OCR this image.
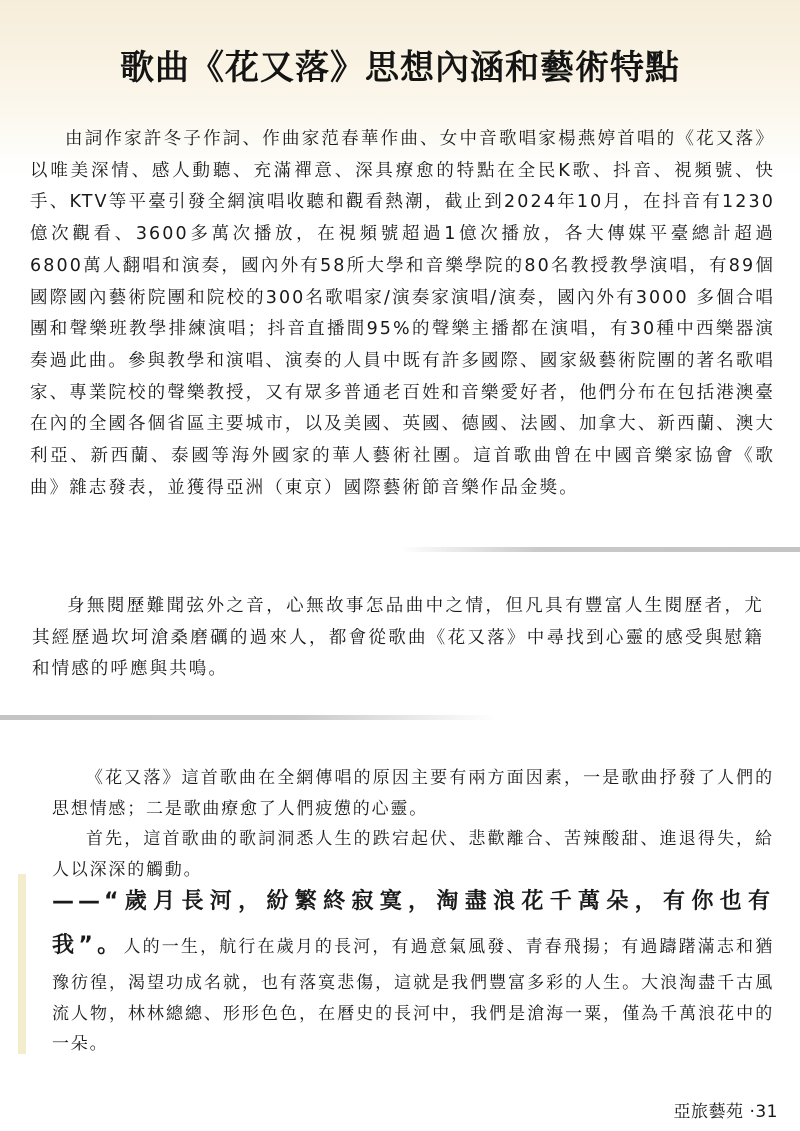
歌曲《花又落》思想內涵和藝術特點

由詞作家許冬子作詞、作曲家范春華作曲、女中音歌唱家楊燕婷首唱的《花又落》以唯美深情、感人動聽、充滿禪意、深具療愈的特點在全民K歌、抖音、視頻號、快手、KTV等平臺引發全網演唱收聽和觀看熱潮，截止到2024年10月，在抖音有1230億次觀看、3600多萬次播放，在視頻號超過1億次播放，各大傳媒平臺總計超過6800萬人翻唱和演奏，國內外有58所大學和音樂學院的80名教授教學演唱，有89個國際國內藝術院團和院校的300名歌唱家/演奏家演唱/演奏，國內外有3000 多個合唱團和聲樂班教學排練演唱；抖音直播間95%的聲樂主播都在演唱，有30種中西樂器演奏過此曲。參與教學和演唱、演奏的人員中既有許多國際、國家級藝術院團的著名歌唱家、專業院校的聲樂教授，又有眾多普通老百姓和音樂愛好者，他們分布在包括港澳臺在內的全國各個省區主要城市，以及美國、英國、德國、法國、加拿大、新西蘭、澳大利亞、新西蘭、泰國等海外國家的華人藝術社團。這首歌曲曾在中國音樂家協會《歌曲》雜志發表，並獲得亞洲（東京）國際藝術節音樂作品金獎。

身無閱歷難聞弦外之音，心無故事怎品曲中之情，但凡具有豐富人生閱歷者，尤其經歷過坎坷滄桑磨礪的過來人，都會從歌曲《花又落》中尋找到心靈的感受與慰籍和情感的呼應與共鳴。

《花又落》這首歌曲在全網傳唱的原因主要有兩方面因素，一是歌曲抒發了人們的思想情感；二是歌曲療愈了人們疲憊的心靈。

首先，這首歌曲的歌詞洞悉人生的跌宕起伏、悲歡離合、苦辣酸甜、進退得失，給人以深深的觸動。

——“歲月長河，紛繁終寂寞，淘盡浪花千萬朵，有你也有我”。人的一生，航行在歲月的長河，有過意氣風發、青春飛揚；有過躊躇滿志和猶豫彷徨，渴望功成名就，也有落寞悲傷，這就是我們豐富多彩的人生。大浪淘盡千古風流人物，林林總總、形形色色，在曆史的長河中，我們是滄海一粟，僅為千萬浪花中的一朵。

亞旅藝苑 ·31
